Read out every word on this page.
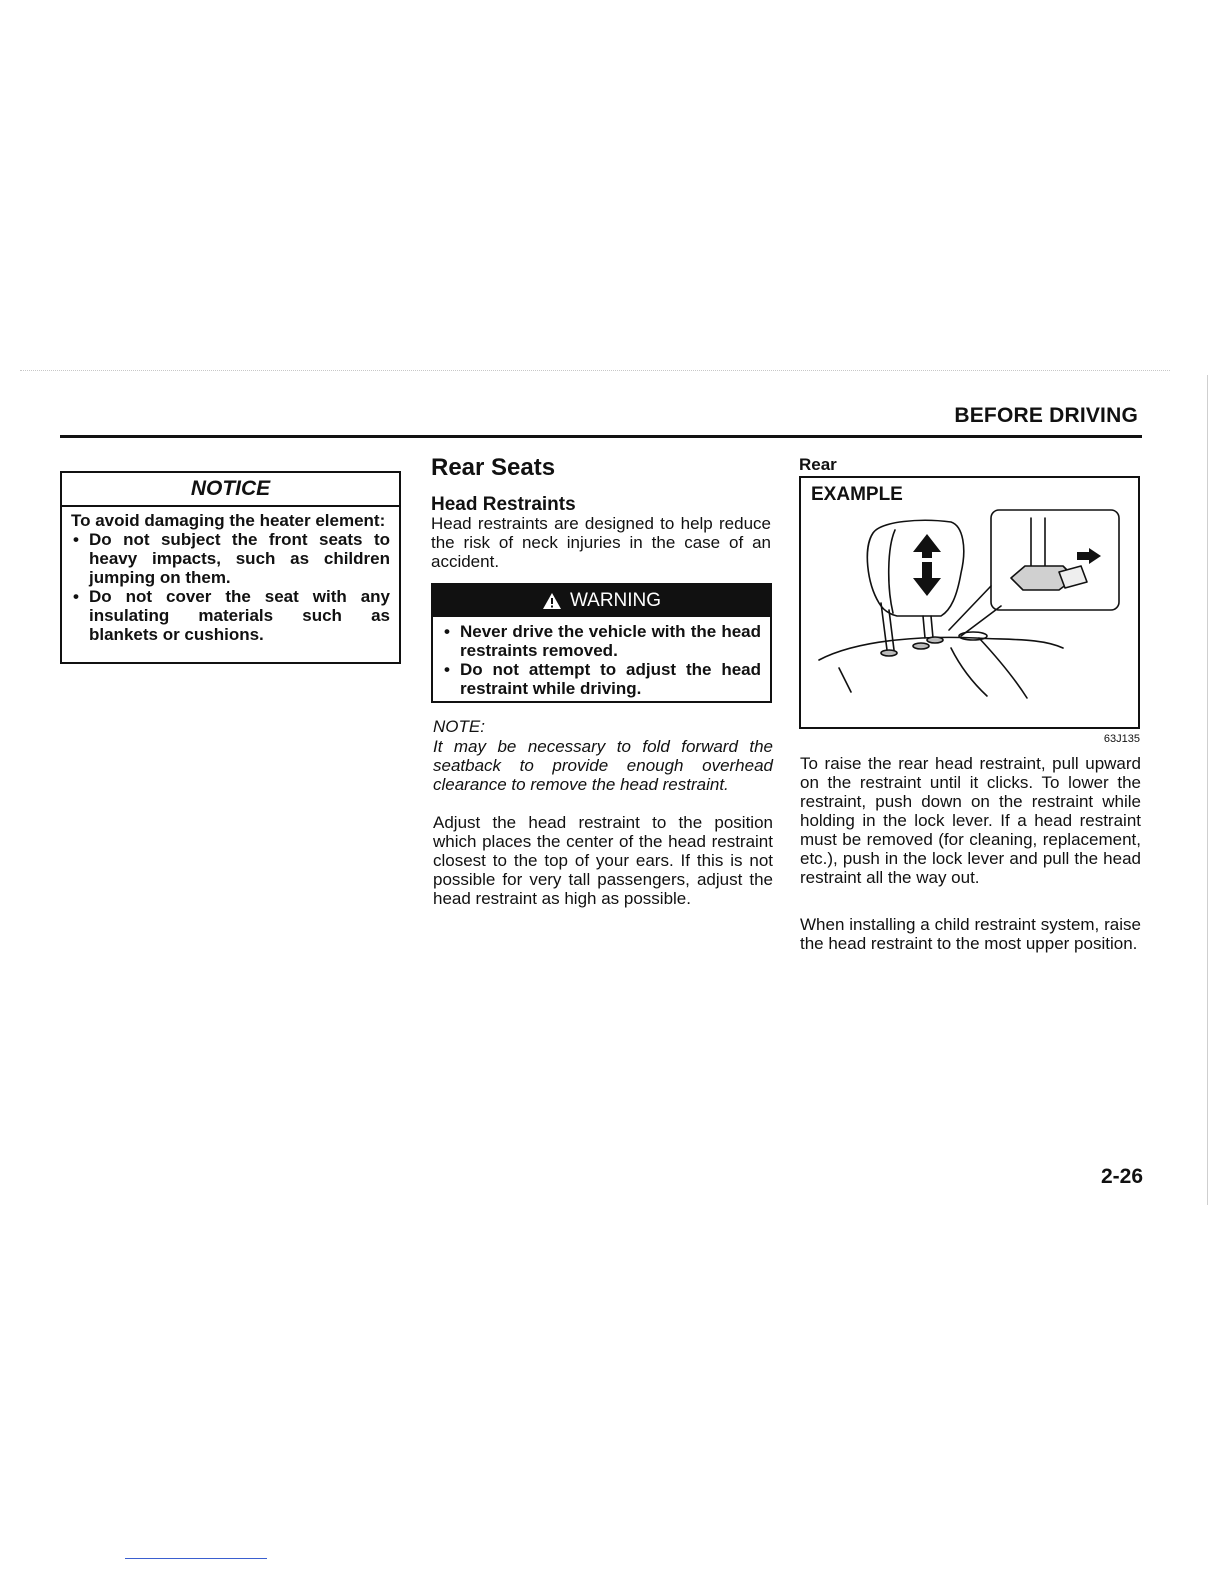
BEFORE DRIVING
NOTICE
To avoid damaging the heater element:
• Do not subject the front seats to heavy impacts, such as children jumping on them.
• Do not cover the seat with any insulating materials such as blankets or cushions.
Rear Seats
Head Restraints
Head restraints are designed to help reduce the risk of neck injuries in the case of an accident.
WARNING
• Never drive the vehicle with the head restraints removed.
• Do not attempt to adjust the head restraint while driving.
NOTE:
It may be necessary to fold forward the seatback to provide enough overhead clearance to remove the head restraint.
Adjust the head restraint to the position which places the center of the head restraint closest to the top of your ears. If this is not possible for very tall passengers, adjust the head restraint as high as possible.
Rear
EXAMPLE
63J135
To raise the rear head restraint, pull upward on the restraint until it clicks. To lower the restraint, push down on the restraint while holding in the lock lever. If a head restraint must be removed (for cleaning, replacement, etc.), push in the lock lever and pull the head restraint all the way out.
When installing a child restraint system, raise the head restraint to the most upper position.
2-26
